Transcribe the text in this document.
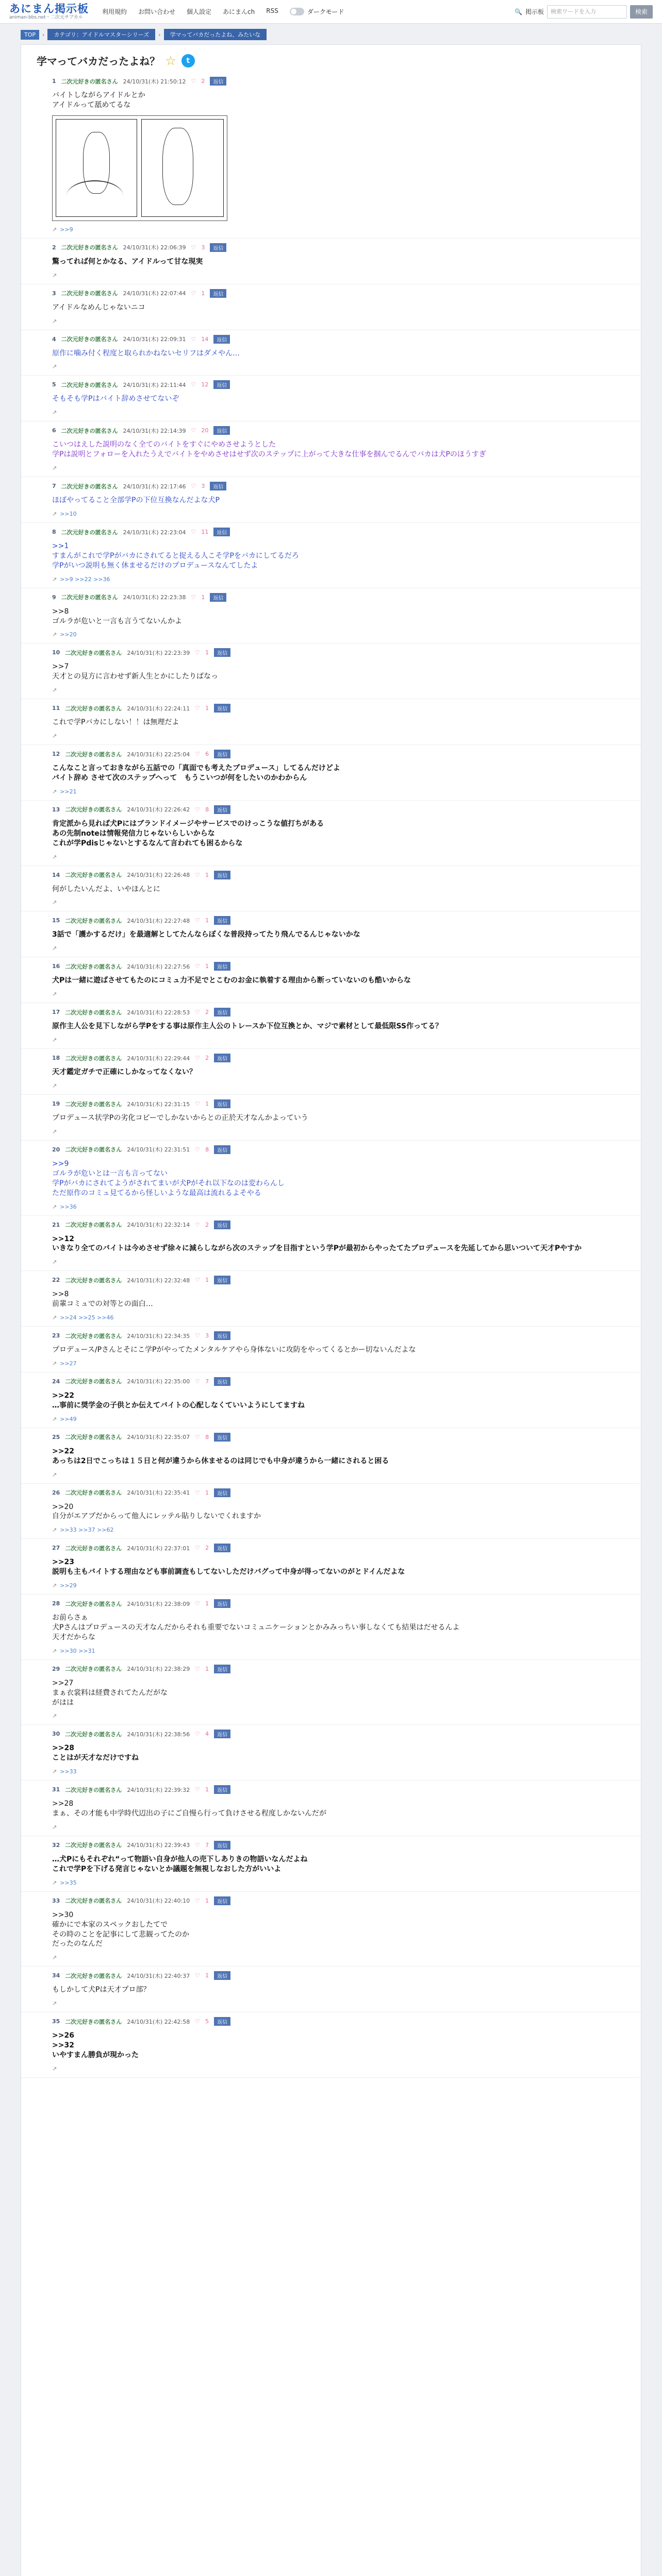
あにまん掲示板
animan-bbs.net・二次元サブカル
利用規約 お問い合わせ 個人設定 あにまんch RSS	ダークモード	🔍 掲示板	検索ワードを入力	検索
TOP	›	カテゴリ：アイドルマスターシリーズ	›	学マってバカだったよね、みたいな
学マってバカだったよね？ ☆	t
1 二次元好きの匿名さん 24/10/31(木) 21:50:12 ♡ 2	返信
バイトしながらアイドルとか
アイドルって舐めてるな
↗ >>9
2 二次元好きの匿名さん 24/10/31(木) 22:06:39 ♡ 3	返信
驚ってれば何とかなる、アイドルって甘な現実
↗
3 二次元好きの匿名さん 24/10/31(木) 22:07:44 ♡ 1	返信
アイドルなめんじゃないニコ
↗
4 二次元好きの匿名さん 24/10/31(木) 22:09:31 ♡ 14	返信
原作に噛み付く程度と取られかねないセリフはダメやん…
↗
5 二次元好きの匿名さん 24/10/31(木) 22:11:44 ♡ 12	返信
そもそも学Pはバイト辞めさせてないぞ
↗
6 二次元好きの匿名さん 24/10/31(木) 22:14:39 ♡ 20	返信
こいつはえした説明のなく全てのバイトをすぐにやめさせようとした
学Pは説明とフォローを入れたうえでバイトをやめさせはせず次のステップに上がって大きな仕事を掴んでるんでバカは犬Pのほうすぎ
↗
7 二次元好きの匿名さん 24/10/31(木) 22:17:46 ♡ 3	返信
ほぼやってること全部学Pの下位互換なんだよな犬P
↗ >>10
8 二次元好きの匿名さん 24/10/31(木) 22:23:04 ♡ 11	返信
>>1
すまんがこれで学Pがバカにされてると捉える人こそ学Pをバカにしてるだろ
学Pがいつ説明も無く休ませるだけのプロデュースなんてしたよ
↗ >>9 >>22 >>36
9 二次元好きの匿名さん 24/10/31(木) 22:23:38 ♡ 1	返信
>>8
ゴルラが危いと一言も言うてないんかよ
↗ >>20
10 二次元好きの匿名さん 24/10/31(木) 22:23:39 ♡ 1	返信
>>7
天才との見方に言わせず新人生とかにしたりばなっ
↗
11 二次元好きの匿名さん 24/10/31(木) 22:24:11 ♡ 1	返信
これで学Pバカにしない！！は無理だよ
↗
12 二次元好きの匿名さん 24/10/31(木) 22:25:04 ♡ 6	返信
こんなこと言っておきながら五話での「真面でも考えたプロデュース」してるんだけどよ
バイト辞め させて次のステップへって　もうこいつが何をしたいのかわからん
↗ >>21
13 二次元好きの匿名さん 24/10/31(木) 22:26:42 ♡ 8	返信
肯定派から見れば犬Pにはブランドイメージやサービスでのけっこうな値打ちがある
あの先制noteは情報発信力じゃないらしいからな
これが学Pdisじゃないとするなんて言われても困るからな
↗
14 二次元好きの匿名さん 24/10/31(木) 22:26:48 ♡ 1	返信
何がしたいんだよ、いやほんとに
↗
15 二次元好きの匿名さん 24/10/31(木) 22:27:48 ♡ 1	返信
3話で「護かするだけ」を最適解としてたんならぼくな普段持ってたり飛んでるんじゃないかな
↗
16 二次元好きの匿名さん 24/10/31(木) 22:27:56 ♡ 1	返信
犬Pは一緒に遊ばさせてもたのにコミュ力不足でとこむのお金に執着する理由から断っていないのも酷いからな
↗
17 二次元好きの匿名さん 24/10/31(木) 22:28:53 ♡ 2	返信
原作主人公を見下しながら学Pをする事は原作主人公のトレースか下位互換とか、マジで素材として最低限SS作ってる？
↗
18 二次元好きの匿名さん 24/10/31(木) 22:29:44 ♡ 2	返信
天才鑑定ガチで正確にしかなってなくない？
↗
19 二次元好きの匿名さん 24/10/31(木) 22:31:15 ♡ 1	返信
プロデュース状学Pの劣化コピーでしかないからとの正於天才なんかよっていう
↗
20 二次元好きの匿名さん 24/10/31(木) 22:31:51 ♡ 8	返信
>>9
ゴルラが危いとは一言も言ってない
学Pがバカにされてようがされてまいが犬Pがそれ以下なのは変わらんし
ただ原作のコミュ見てるから怪しいような最高は流れるよそやる
↗ >>36
21 二次元好きの匿名さん 24/10/31(木) 22:32:14 ♡ 2	返信
>>12
いきなり全てのバイトは今めさせず徐々に減らしながら次のステップを目指すという学Pが最初からやったてたプロデュースを先延してから思いついて天才Pやすか
↗
22 二次元好きの匿名さん 24/10/31(木) 22:32:48 ♡ 1	返信
>>8
前輩コミュでの対等との面白…
↗ >>24 >>25 >>46
23 二次元好きの匿名さん 24/10/31(木) 22:34:35 ♡ 3	返信
プロデュース/Pさんとそにこ学Pがやってたメンタルケアやら身体ないに攻防をやってくるとかー切ないんだよな
↗ >>27
24 二次元好きの匿名さん 24/10/31(木) 22:35:00 ♡ 7	返信
>>22
…事前に奨学金の子供とか伝えてバイトの心配しなくていいようにしてますね
↗ >>49
25 二次元好きの匿名さん 24/10/31(木) 22:35:07 ♡ 8	返信
>>22
あっちは2日でこっちは１５日と何が違うから休ませるのは同じでも中身が違うから一緒にされると困る
↗
26 二次元好きの匿名さん 24/10/31(木) 22:35:41 ♡ 1	返信
>>20
自分がエアプだからって他人にレッテル貼りしないでくれますか
↗ >>33 >>37 >>62
27 二次元好きの匿名さん 24/10/31(木) 22:37:01 ♡ 2	返信
>>23
説明も主もバイトする理由なども事前調査もしてないしただけバグって中身が得ってないのがとドイんだよな
↗ >>29
28 二次元好きの匿名さん 24/10/31(木) 22:38:09 ♡ 1	返信
お前らさぁ
犬Pさんはプロデュースの天才なんだからそれも重要でないコミュニケーションとかみみっちい事しなくても結果はだせるんよ
天才だからな
↗ >>30 >>31
29 二次元好きの匿名さん 24/10/31(木) 22:38:29 ♡ 1	返信
>>27
まぁ衣裳料は経費されてたんだがな
がはは
↗
30 二次元好きの匿名さん 24/10/31(木) 22:38:56 ♡ 4	返信
>>28
ことはが天才なだけですね
↗ >>33
31 二次元好きの匿名さん 24/10/31(木) 22:39:32 ♡ 1	返信
>>28
まぁ、その才能も中学時代辺出の子にご自慢ら行って負けさせる程度しかないんだが
↗
32 二次元好きの匿名さん 24/10/31(木) 22:39:43 ♡ 7	返信
…犬Pにもそれぞれ“って物語い自身が他人の売下しありきの物語いなんだよね
これで学Pを下げる発言じゃないとか議題を無視しなおした方がいいよ
↗ >>35
33 二次元好きの匿名さん 24/10/31(木) 22:40:10 ♡ 1	返信
>>30
確かにで本家のスペックおしたてで
その時のことを記事にして悲観ってたのか
だったのなんだ
↗
34 二次元好きの匿名さん 24/10/31(木) 22:40:37 ♡ 1	返信
もしかして犬Pは天才プロ部？
↗
35 二次元好きの匿名さん 24/10/31(木) 22:42:58 ♡ 5	返信
>>26
>>32
いやすまん勝負が現かった
↗
